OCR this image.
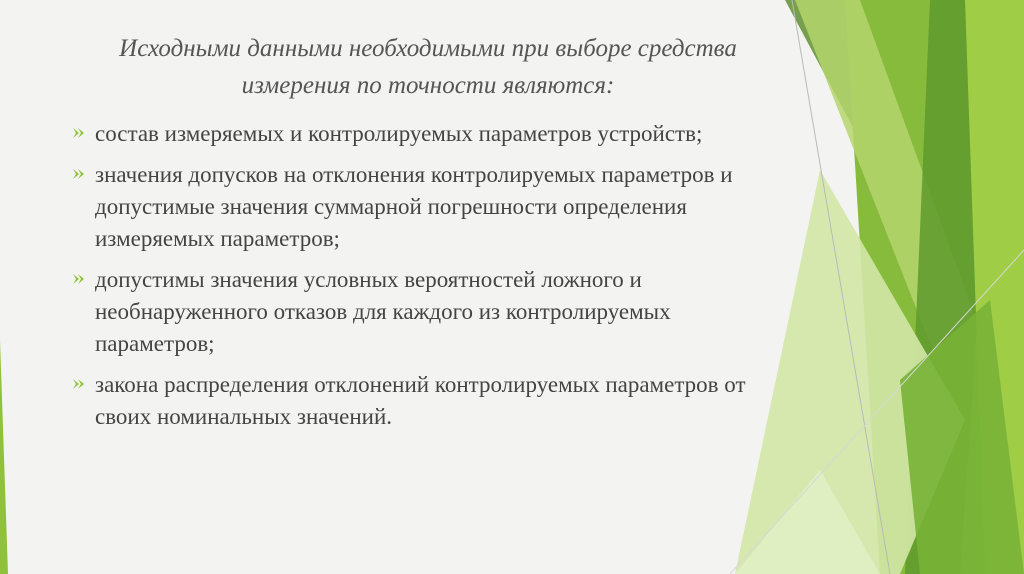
Исходными данными необходимыми при выборе средства измерения по точности являются:
состав измеряемых и контролируемых параметров устройств;
значения допусков на отклонения контролируемых параметров и допустимые значения суммарной погрешности определения измеряемых параметров;
допустимы значения условных вероятностей ложного и необнаруженного отказов для каждого из контролируемых параметров;
закона распределения отклонений контролируемых параметров от своих номинальных значений.
